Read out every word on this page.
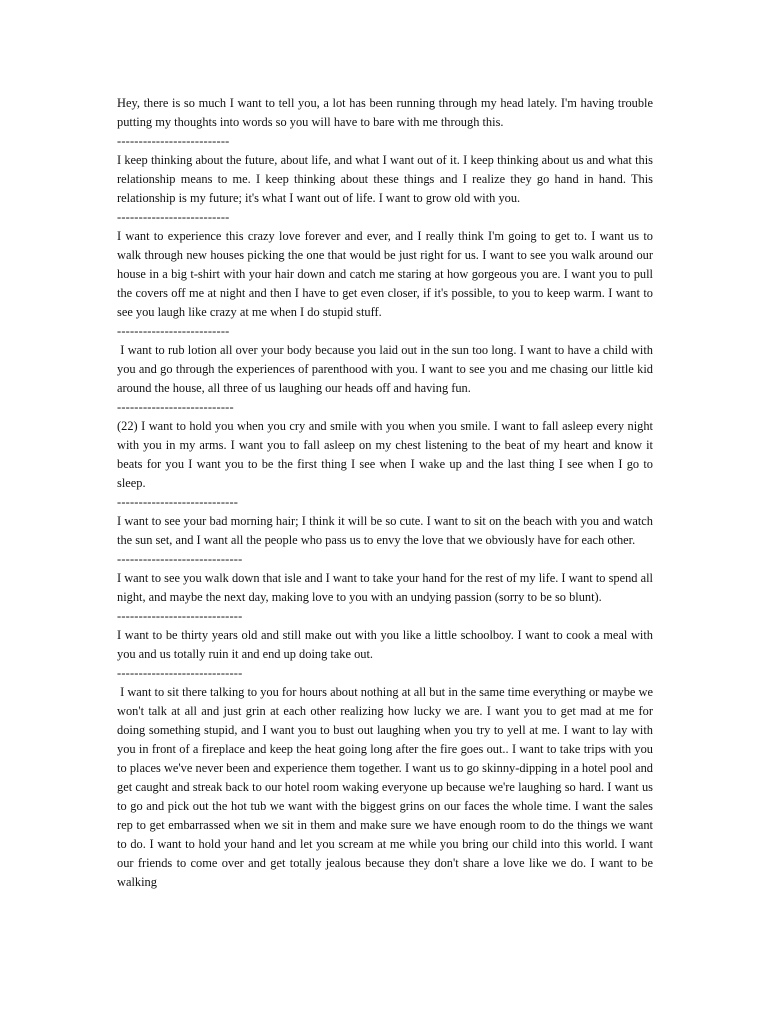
Hey, there is so much I want to tell you, a lot has been running through my head lately. I'm having trouble putting my thoughts into words so you will have to bare with me through this.

--------------------------

I keep thinking about the future, about life, and what I want out of it. I keep thinking about us and what this relationship means to me. I keep thinking about these things and I realize they go hand in hand. This relationship is my future; it's what I want out of life. I want to grow old with you.

--------------------------

I want to experience this crazy love forever and ever, and I really think I'm going to get to. I want us to walk through new houses picking the one that would be just right for us. I want to see you walk around our house in a big t-shirt with your hair down and catch me staring at how gorgeous you are. I want you to pull the covers off me at night and then I have to get even closer, if it's possible, to you to keep warm. I want to see you laugh like crazy at me when I do stupid stuff.

--------------------------

I want to rub lotion all over your body because you laid out in the sun too long. I want to have a child with you and go through the experiences of parenthood with you. I want to see you and me chasing our little kid around the house, all three of us laughing our heads off and having fun.

---------------------------

(22) I want to hold you when you cry and smile with you when you smile. I want to fall asleep every night with you in my arms. I want you to fall asleep on my chest listening to the beat of my heart and know it beats for you I want you to be the first thing I see when I wake up and the last thing I see when I go to sleep.

----------------------------

I want to see your bad morning hair; I think it will be so cute. I want to sit on the beach with you and watch the sun set, and I want all the people who pass us to envy the love that we obviously have for each other.

-----------------------------

I want to see you walk down that isle and I want to take your hand for the rest of my life. I want to spend all night, and maybe the next day, making love to you with an undying passion (sorry to be so blunt).

-----------------------------

I want to be thirty years old and still make out with you like a little schoolboy. I want to cook a meal with you and us totally ruin it and end up doing take out.

-----------------------------

I want to sit there talking to you for hours about nothing at all but in the same time everything or maybe we won't talk at all and just grin at each other realizing how lucky we are. I want you to get mad at me for doing something stupid, and I want you to bust out laughing when you try to yell at me. I want to lay with you in front of a fireplace and keep the heat going long after the fire goes out.. I want to take trips with you to places we've never been and experience them together. I want us to go skinny-dipping in a hotel pool and get caught and streak back to our hotel room waking everyone up because we're laughing so hard. I want us to go and pick out the hot tub we want with the biggest grins on our faces the whole time. I want the sales rep to get embarrassed when we sit in them and make sure we have enough room to do the things we want to do. I want to hold your hand and let you scream at me while you bring our child into this world. I want our friends to come over and get totally jealous because they don't share a love like we do. I want to be walking
